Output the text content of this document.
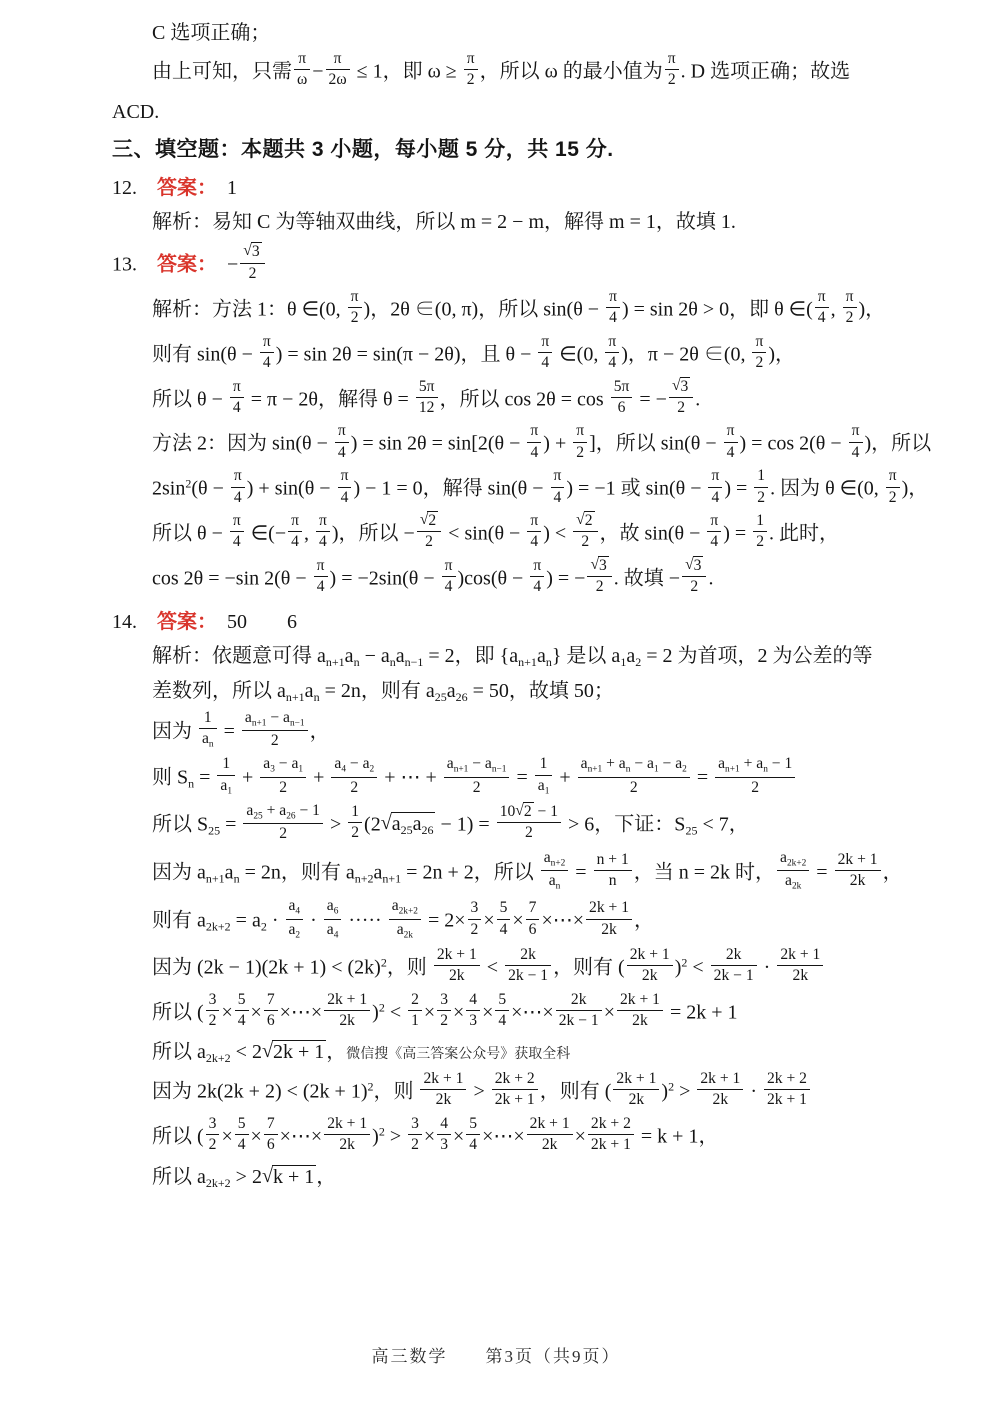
C 选项正确；
由上可知，只需 $\frac{\pi}{\omega} - \frac{\pi}{2\omega} \le 1$，即 $\omega \ge \frac{\pi}{2}$ ，所以 ω 的最小值为 $\frac{\pi}{2}$ . D 选项正确；故选
ACD.
三、填空题：本题共 3 小题，每小题 5 分，共 15 分.
12. 答案： 1
解析：易知 C 为等轴双曲线，所以 m = 2 − m，解得 m = 1，故填 1.
13. 答案： − $\frac{√3}{2}$
解析：方法 1：θ ∈(0, $\frac{\pi}{2}$ )，2θ ∈(0, π)，所以 $\sin(\theta - \frac{\pi}{4}$ ) = sin 2θ > 0，即 θ ∈( $\frac{\pi}{4}$ , $\frac{\pi}{2}$ )，
则有 $\sin(\theta - \frac{\pi}{4}$ ) = sin 2θ = sin(π − 2θ)，且 $\theta - \frac{\pi}{4}$ ∈(0, $\frac{\pi}{4}$ )，π − 2θ ∈(0, $\frac{\pi}{2}$ )，
所以 $\theta - \frac{\pi}{4} = \pi - 2\theta$，解得 $\theta = \frac{5\pi}{12}$ ，所以 $\cos 2\theta = \cos \frac{5\pi}{6}$ = − $\frac{√3}{2}$ .
方法 2：因为 $\sin(\theta - \frac{\pi}{4}$ ) = $\sin 2\theta = \sin[2(\theta - \frac{\pi}{4}$ ) + $\frac{\pi}{2}$ ]，所以 $\sin(\theta - \frac{\pi}{4}$ ) = $\cos 2(\theta - \frac{\pi}{4}$ )，所以
$2\sin^2(\theta - \frac{\pi}{4}$ ) + $\sin(\theta - \frac{\pi}{4}$ ) − 1 = 0，解得 $\sin(\theta - \frac{\pi}{4}$ ) = −1 或 $\sin(\theta - \frac{\pi}{4}$ ) = $\frac{1}{2}$ . 因为 θ ∈(0, $\frac{\pi}{2}$ )，
所以 $\theta - \frac{\pi}{4}$ ∈(− $\frac{\pi}{4}$ , $\frac{\pi}{4}$ )，所以 − $\frac{√2}{2} < \sin(\theta - \frac{\pi}{4}$ ) < $\frac{√2}{2}$ ，故 $\sin(\theta - \frac{\pi}{4}$ ) = $\frac{1}{2}$ . 此时，
cos 2θ = −sin $2(\theta - \frac{\pi}{4}$ ) = $-2\sin(\theta - \frac{\pi}{4} )\cos(\theta - \frac{\pi}{4}$ ) = − $\frac{√3}{2}$ . 故填 − $\frac{√3}{2}$ .
14. 答案： 50　　6
解析：依题意可得 $a_{n+1}a_n - a_na_{n-1} = 2$，即 $\{a_{n+1}a_n\}$ 是以 $a_1a_2 = 2$ 为首项，2 为公差的等
差数列，所以 $a_{n+1}a_n = 2n$，则有 $a_{25}a_{26} = 50$，故填 50；
因为 $\frac{1}{a_n} = \frac{a_{n+1} - a_{n-1}}{2}$ ，
则 $S_n = \frac{1}{a_1} + \frac{a_3 - a_1}{2} + \frac{a_4 - a_2}{2}$ + ⋯ + $\frac{a_{n+1} - a_{n-1}}{2} = \frac{1}{a_1} + \frac{a_{n+1} + a_n - a_1 - a_2}{2} = \frac{a_{n+1} + a_n - 1}{2}$
所以 $S_{25} = \frac{a_{25} + a_{26} - 1}{2} > \frac{1}{2} (2√a_{25}a_{26} - 1) = \frac{10√2 - 1}{2} > 6$，下证：$S_{25} < 7$，
因为 $a_{n+1}a_n = 2n$，则有 $a_{n+2}a_{n+1} = 2n + 2$，所以 $\frac{a_{n+2}}{a_n} = \frac{n + 1}{n}$ ，当 n = 2k 时， $\frac{a_{2k+2}}{a_{2k}} = \frac{2k + 1}{2k}$ ，
则有 $a_{2k+2} = a_2 \cdot \frac{a_4}{a_2} \cdot \frac{a_6}{a_4}$ ····· $\frac{a_{2k+2}}{a_{2k}} = 2\times \frac{3}{2} \times \frac{5}{4} \times \frac{7}{6}$ ×⋯× $\frac{2k + 1}{2k}$ ，
因为 $(2k - 1)(2k + 1) < (2k)^2$，则 $\frac{2k + 1}{2k} < \frac{2k}{2k - 1}$ ，则有 ( $\frac{2k + 1}{2k} )^2 < \frac{2k}{2k - 1} \cdot \frac{2k + 1}{2k}$
所以 ( $\frac{3}{2} \times \frac{5}{4} \times \frac{7}{6}$ ×⋯× $\frac{2k + 1}{2k} )^2 < \frac{2}{1} \times \frac{3}{2} \times \frac{4}{3} \times \frac{5}{4}$ ×⋯× $\frac{2k}{2k - 1} \times \frac{2k + 1}{2k} = 2k + 1$
所以 $a_{2k+2} < 2√2k + 1$ ，微信搜《高三答案公众号》获取全科
因为 $2k(2k + 2) < (2k + 1)^2$，则 $\frac{2k + 1}{2k} > \frac{2k + 2}{2k + 1}$ ，则有 ( $\frac{2k + 1}{2k} )^2 > \frac{2k + 1}{2k} \cdot \frac{2k + 2}{2k + 1}$
所以 ( $\frac{3}{2} \times \frac{5}{4} \times \frac{7}{6}$ ×⋯× $\frac{2k + 1}{2k} )^2 > \frac{3}{2} \times \frac{4}{3} \times \frac{5}{4}$ ×⋯× $\frac{2k + 1}{2k} \times \frac{2k + 2}{2k + 1} = k + 1$，
所以 $a_{2k+2} > 2√k + 1$ ，
高三数学　　第3页（共9页）
